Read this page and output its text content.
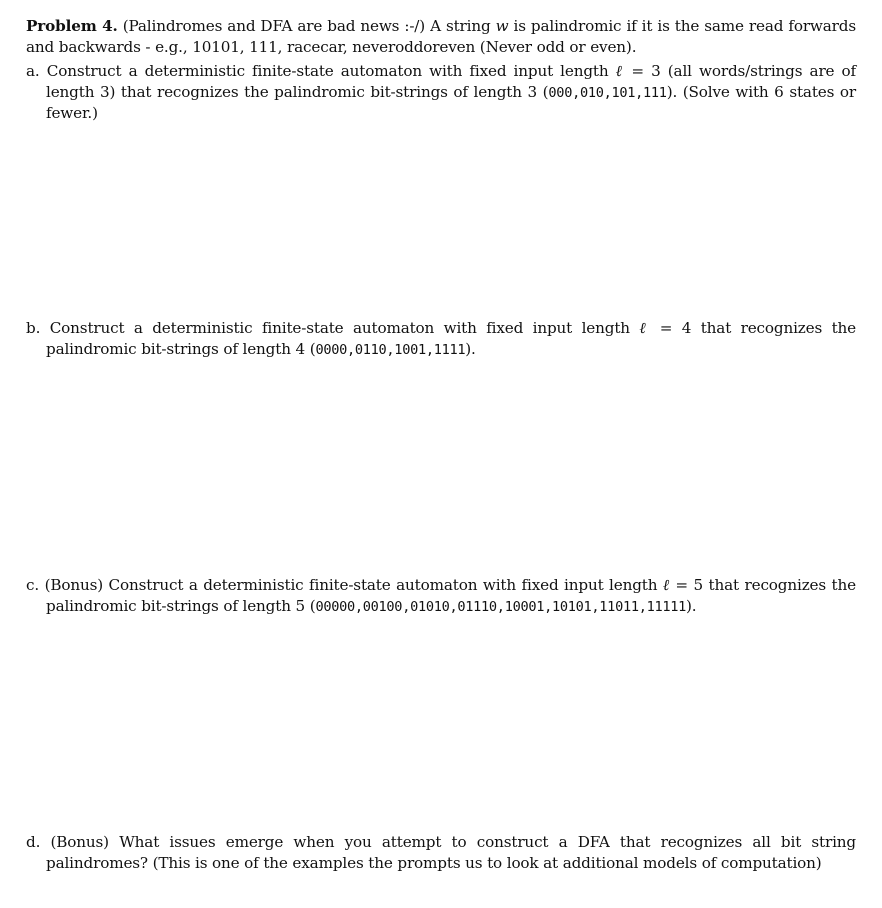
Problem 4. (Palindromes and DFA are bad news :-/) A string w is palindromic if it is the same read forwards and backwards - e.g., 10101, 111, racecar, neveroddoreven (Never odd or even).
a. Construct a deterministic finite-state automaton with fixed input length ℓ = 3 (all words/strings are of length 3) that recognizes the palindromic bit-strings of length 3 (000,010,101,111). (Solve with 6 states or fewer.)
b. Construct a deterministic finite-state automaton with fixed input length ℓ = 4 that recognizes the palindromic bit-strings of length 4 (0000,0110,1001,1111).
c. (Bonus) Construct a deterministic finite-state automaton with fixed input length ℓ = 5 that recognizes the palindromic bit-strings of length 5 (00000,00100,01010,01110,10001,10101,11011,11111).
d. (Bonus) What issues emerge when you attempt to construct a DFA that recognizes all bit string palindromes? (This is one of the examples the prompts us to look at additional models of computation)
